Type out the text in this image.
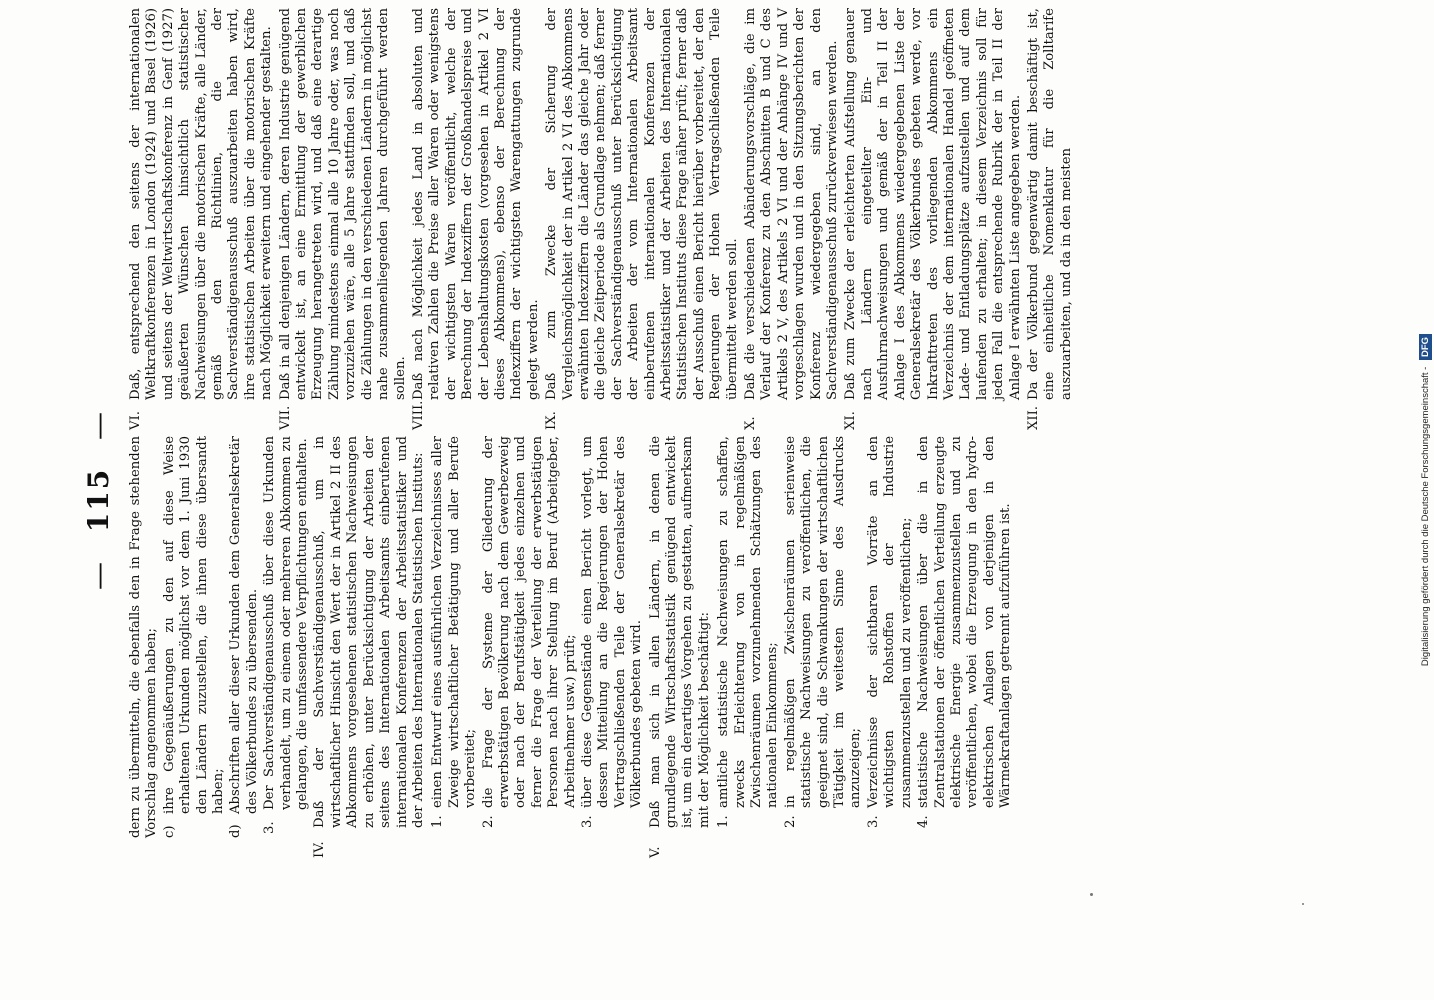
— 115 —
dern zu übermitteln, die ebenfalls den in Frage stehenden Vorschlag angenommen haben; c)
ihre Gegenäußerungen zu den auf diese Weise erhaltenen Urkunden möglichst vor dem 1. Juni 1930 den Ländern zuzustellen, die ihnen diese übersandt haben;
d)
Abschriften aller dieser Urkunden dem Generalsekretär des Völkerbundes zu übersenden.
3.
Der Sachverständigenausschuß über diese Urkunden verhandelt, um zu einem oder mehreren Abkommen zu gelangen, die umfassendere Verpflichtungen enthalten.
IV.
Daß der Sachverständigenausschuß, um in wirtschaftlicher Hinsicht den Wert der in Artikel 2 II des Abkommens vorgesehenen statistischen Nachweisungen zu erhöhen, unter Berücksichtigung der Arbeiten der seitens des Internationalen Arbeitsamts einberufenen internationalen Konferenzen der Arbeitsstatistiker und der Arbeiten des Internationalen Statistischen Instituts: 1.
einen Entwurf eines ausführlichen Verzeichnisses aller Zweige wirtschaftlicher Betätigung und aller Berufe vorbereitet;
2.
die Frage der Systeme der Gliederung der erwerbstätigen Bevölkerung nach dem Gewerbezweig oder nach der Berufstätigkeit jedes einzelnen und ferner die Frage der Verteilung der erwerbstätigen Personen nach ihrer Stellung im Beruf (Arbeitgeber, Arbeitnehmer usw.) prüft;
3.
über diese Gegenstände einen Bericht vorlegt, um dessen Mitteilung an die Regierungen der Hohen Vertragschließenden Teile der Generalsekretär des Völkerbundes gebeten wird.
V.
Daß man sich in allen Ländern, in denen die grundlegende Wirtschaftsstatistik genügend entwickelt ist, um ein derartiges Vorgehen zu gestatten, aufmerksam mit der Möglichkeit beschäftigt: 1.
amtliche statistische Nachweisungen zu schaffen, zwecks Erleichterung von in regelmäßigen Zwischenräumen vorzunehmenden Schätzungen des nationalen Einkommens;
2.
in regelmäßigen Zwischenräumen serienweise statistische Nachweisungen zu veröffentlichen, die geeignet sind, die Schwankungen der wirtschaftlichen Tätigkeit im weitesten Sinne des Ausdrucks anzuzeigen;
3.
Verzeichnisse der sichtbaren Vorräte an den wichtigsten Rohstoffen der Industrie zusammenzustellen und zu veröffentlichen;
4.
statistische Nachweisungen über die in den Zentralstationen der öffentlichen Verteilung erzeugte elektrische Energie zusammenzustellen und zu veröffentlichen, wobei die Erzeugung in den hydro-elektrischen Anlagen von derjenigen in den Wärmekraftanlagen getrennt aufzuführen ist.
VI.
Daß, entsprechend den seitens der internationalen Weltkraftkonferenzen in London (1924) und Basel (1926) und seitens der Weltwirtschaftskonferenz in Genf (1927) geäußerten Wünschen hinsichtlich statistischer Nachweisungen über die motorischen Kräfte, alle Länder, gemäß den Richtlinien, die der Sachverständigenausschuß auszuarbeiten haben wird, ihre statistischen Arbeiten über die motorischen Kräfte nach Möglichkeit erweitern und eingehender gestalten.
VII.
Daß in all denjenigen Ländern, deren Industrie genügend entwickelt ist, an eine Ermittlung der gewerblichen Erzeugung herangetreten wird, und daß eine derartige Zählung mindestens einmal alle 10 Jahre oder, was noch vorzuziehen wäre, alle 5 Jahre stattfinden soll, und daß die Zählungen in den verschiedenen Ländern in möglichst nahe zusammenliegenden Jahren durchgeführt werden sollen.
VIII.
Daß nach Möglichkeit jedes Land in absoluten und relativen Zahlen die Preise aller Waren oder wenigstens der wichtigsten Waren veröffentlicht, welche der Berechnung der Indexziffern der Großhandelspreise und der Lebenshaltungskosten (vorgesehen in Artikel 2 VI dieses Abkommens), ebenso der Berechnung der Indexziffern der wichtigsten Warengattungen zugrunde gelegt werden.
IX.
Daß zum Zwecke der Sicherung der Vergleichsmöglichkeit der in Artikel 2 VI des Abkommens erwähnten Indexziffern die Länder das gleiche Jahr oder die gleiche Zeitperiode als Grundlage nehmen; daß ferner der Sachverständigenausschuß unter Berücksichtigung der Arbeiten der vom Internationalen Arbeitsamt einberufenen internationalen Konferenzen der Arbeitsstatistiker und der Arbeiten des Internationalen Statistischen Instituts diese Frage näher prüft; ferner daß der Ausschuß einen Bericht hierüber vorbereitet, der den Regierungen der Hohen Vertragschließenden Teile übermittelt werden soll.
X.
Daß die verschiedenen Abänderungsvorschläge, die im Verlauf der Konferenz zu den Abschnitten B und C des Artikels 2 V, des Artikels 2 VI und der Anhänge IV und V vorgeschlagen wurden und in den Sitzungsberichten der Konferenz wiedergegeben sind, an den Sachverständigenausschuß zurückverwiesen werden.
XI.
Daß zum Zwecke der erleichterten Aufstellung genauer nach Ländern eingeteilter Ein- und Ausfuhrnachweisungen und gemäß der in Teil II der Anlage I des Abkommens wiedergegebenen Liste der Generalsekretär des Völkerbundes gebeten werde, vor Inkrafttreten des vorliegenden Abkommens ein Verzeichnis der dem internationalen Handel geöffneten Lade- und Entladungsplätze aufzustellen und auf dem laufenden zu erhalten; in diesem Verzeichnis soll für jeden Fall die entsprechende Rubrik der in Teil II der Anlage I erwähnten Liste angegeben werden.
XII.
Da der Völkerbund gegenwärtig damit beschäftigt ist, eine einheitliche Nomenklatur für die Zolltarife auszuarbeiten, und da in den meisten
Digitalisierung gefördert durch die Deutsche Forschungsgemeinschaft - DFG
